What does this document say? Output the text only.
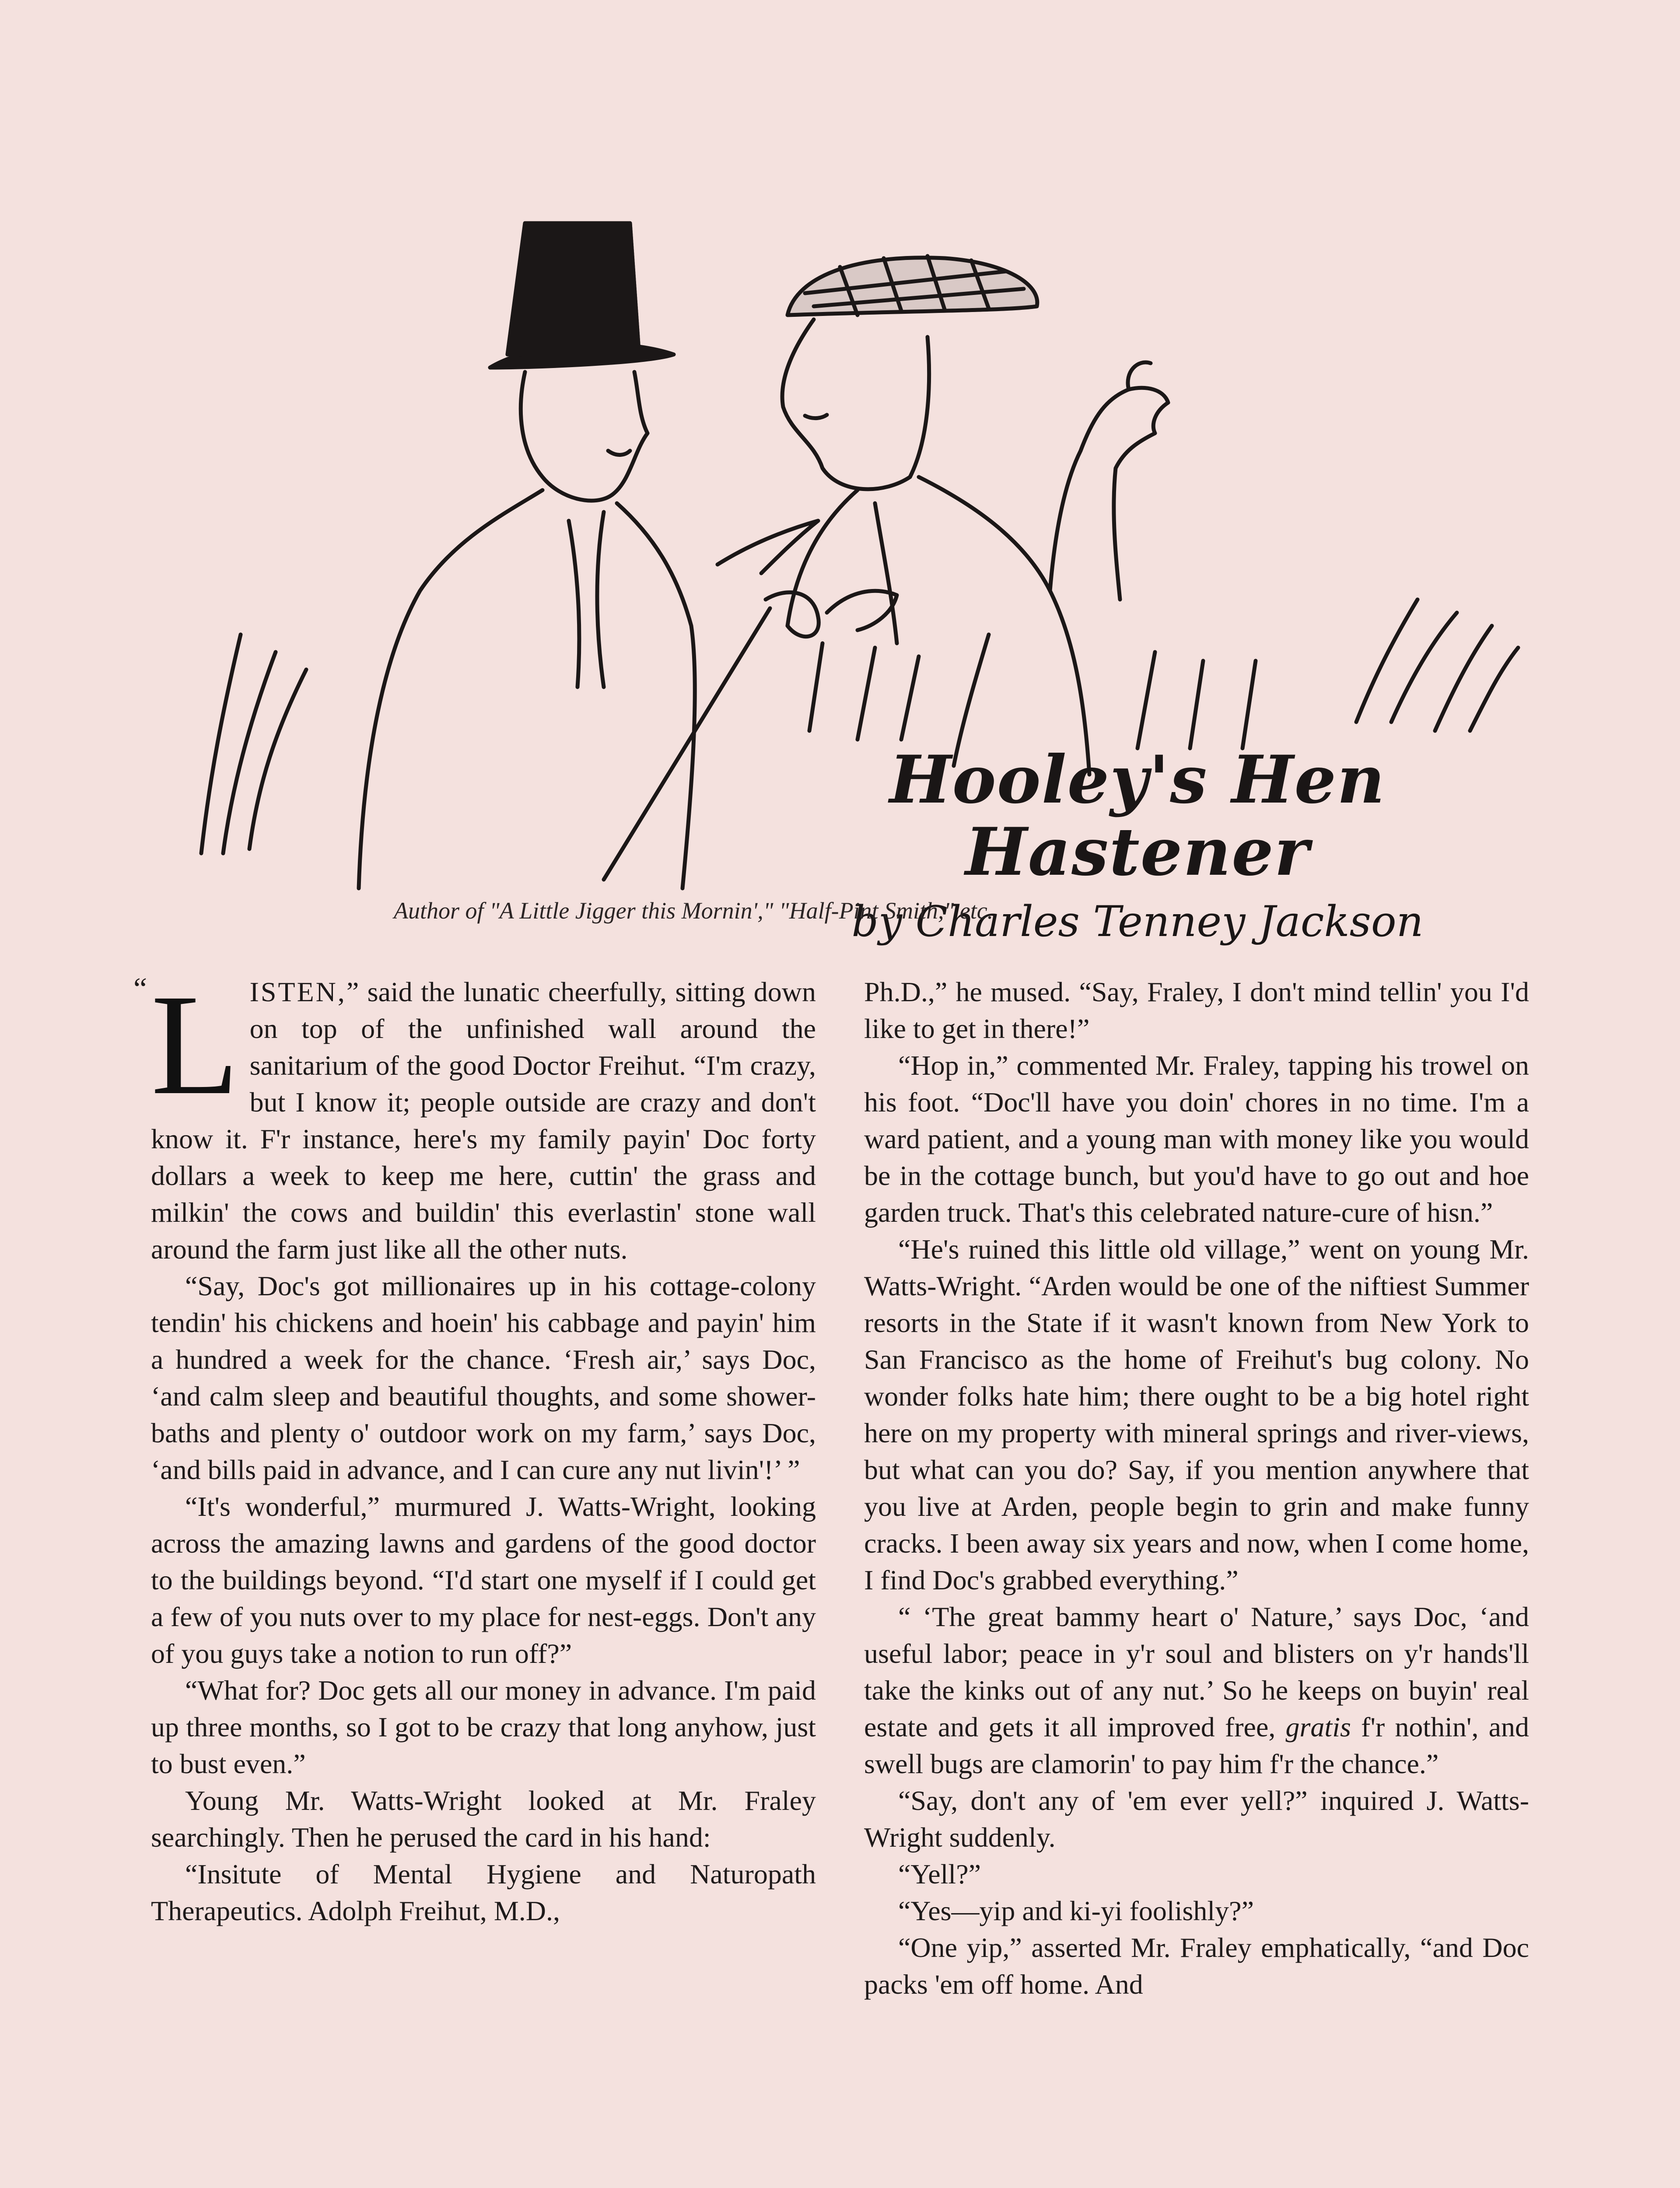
Hooley's Hen Hastener

by Charles Tenney Jackson

Author of "A Little Jigger this Mornin'," "Half-Pint Smith," etc.

“ L ISTEN,” said the lunatic cheerfully, sitting down on top of the unfinished wall around the sanitarium of the good Doctor Freihut. “I'm crazy, but I know it; people outside are crazy and don't know it. F'r instance, here's my family payin' Doc forty dollars a week to keep me here, cuttin' the grass and milkin' the cows and buildin' this everlastin' stone wall around the farm just like all the other nuts.

“Say, Doc's got millionaires up in his cottage-colony tendin' his chickens and hoein' his cabbage and payin' him a hundred a week for the chance. ‘Fresh air,’ says Doc, ‘and calm sleep and beautiful thoughts, and some shower-baths and plenty o' outdoor work on my farm,’ says Doc, ‘and bills paid in advance, and I can cure any nut livin'!’ ”

“It's wonderful,” murmured J. Watts-Wright, looking across the amazing lawns and gardens of the good doctor to the buildings beyond. “I'd start one myself if I could get a few of you nuts over to my place for nest-eggs. Don't any of you guys take a notion to run off?”

“What for? Doc gets all our money in advance. I'm paid up three months, so I got to be crazy that long anyhow, just to bust even.”

Young Mr. Watts-Wright looked at Mr. Fraley searchingly. Then he perused the card in his hand:

“Insitute of Mental Hygiene and Naturopath Therapeutics. Adolph Freihut, M.D.,

Ph.D.,” he mused. “Say, Fraley, I don't mind tellin' you I'd like to get in there!”

“Hop in,” commented Mr. Fraley, tapping his trowel on his foot. “Doc'll have you doin' chores in no time. I'm a ward patient, and a young man with money like you would be in the cottage bunch, but you'd have to go out and hoe garden truck. That's this celebrated nature-cure of hisn.”

“He's ruined this little old village,” went on young Mr. Watts-Wright. “Arden would be one of the niftiest Summer resorts in the State if it wasn't known from New York to San Francisco as the home of Freihut's bug colony. No wonder folks hate him; there ought to be a big hotel right here on my property with mineral springs and river-views, but what can you do? Say, if you mention anywhere that you live at Arden, people begin to grin and make funny cracks. I been away six years and now, when I come home, I find Doc's grabbed everything.”

“ ‘The great bammy heart o' Nature,’ says Doc, ‘and useful labor; peace in y'r soul and blisters on y'r hands'll take the kinks out of any nut.’ So he keeps on buyin' real estate and gets it all improved free, gratis f'r nothin', and swell bugs are clamorin' to pay him f'r the chance.”

“Say, don't any of 'em ever yell?” inquired J. Watts-Wright suddenly.

“Yell?”

“Yes—yip and ki-yi foolishly?”

“One yip,” asserted Mr. Fraley emphatically, “and Doc packs 'em off home. And
